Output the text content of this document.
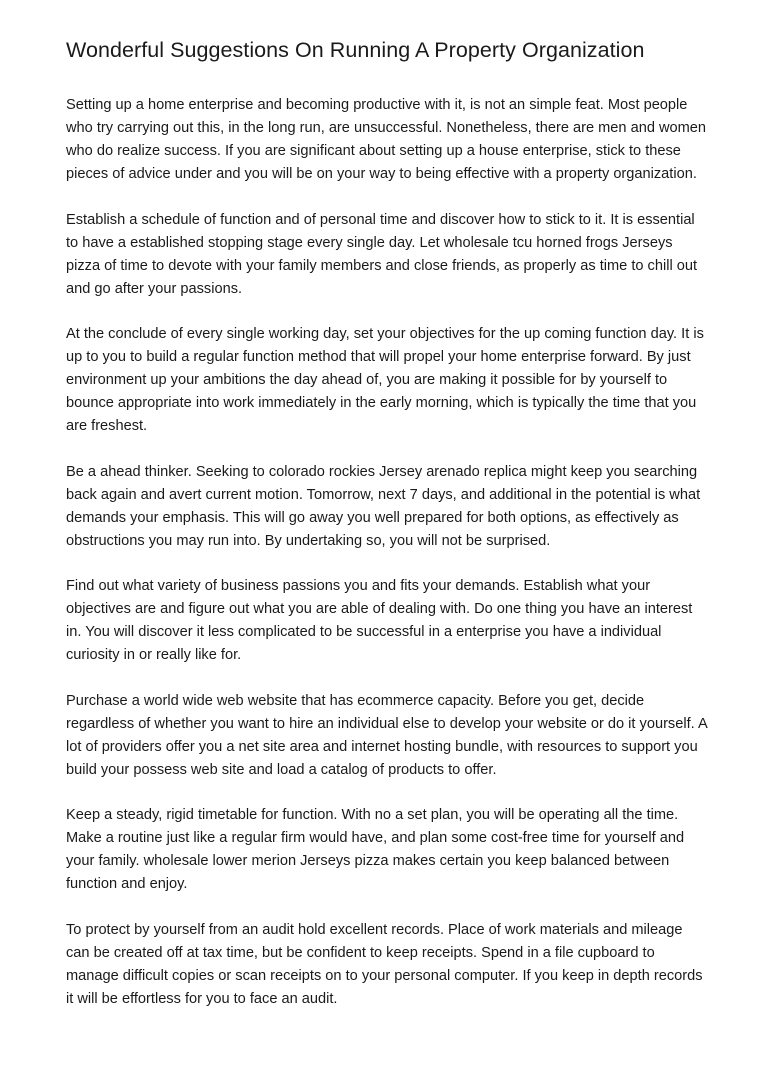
Wonderful Suggestions On Running A Property Organization

Setting up a home enterprise and becoming productive with it, is not an simple feat. Most people who try carrying out this, in the long run, are unsuccessful. Nonetheless, there are men and women who do realize success. If you are significant about setting up a house enterprise, stick to these pieces of advice under and you will be on your way to being effective with a property organization.

Establish a schedule of function and of personal time and discover how to stick to it. It is essential to have a established stopping stage every single day. Let wholesale tcu horned frogs Jerseys pizza of time to devote with your family members and close friends, as properly as time to chill out and go after your passions.

At the conclude of every single working day, set your objectives for the up coming function day. It is up to you to build a regular function method that will propel your home enterprise forward. By just environment up your ambitions the day ahead of, you are making it possible for by yourself to bounce appropriate into work immediately in the early morning, which is typically the time that you are freshest.

Be a ahead thinker. Seeking to colorado rockies Jersey arenado replica might keep you searching back again and avert current motion. Tomorrow, next 7 days, and additional in the potential is what demands your emphasis. This will go away you well prepared for both options, as effectively as obstructions you may run into. By undertaking so, you will not be surprised.

Find out what variety of business passions you and fits your demands. Establish what your objectives are and figure out what you are able of dealing with. Do one thing you have an interest in. You will discover it less complicated to be successful in a enterprise you have a individual curiosity in or really like for.

Purchase a world wide web website that has ecommerce capacity. Before you get, decide regardless of whether you want to hire an individual else to develop your website or do it yourself. A lot of providers offer you a net site area and internet hosting bundle, with resources to support you build your possess web site and load a catalog of products to offer.

Keep a steady, rigid timetable for function. With no a set plan, you will be operating all the time. Make a routine just like a regular firm would have, and plan some cost-free time for yourself and your family. wholesale lower merion Jerseys pizza makes certain you keep balanced between function and enjoy.

To protect by yourself from an audit hold excellent records. Place of work materials and mileage can be created off at tax time, but be confident to keep receipts. Spend in a file cupboard to manage difficult copies or scan receipts on to your personal computer. If you keep in depth records it will be effortless for you to face an audit.
